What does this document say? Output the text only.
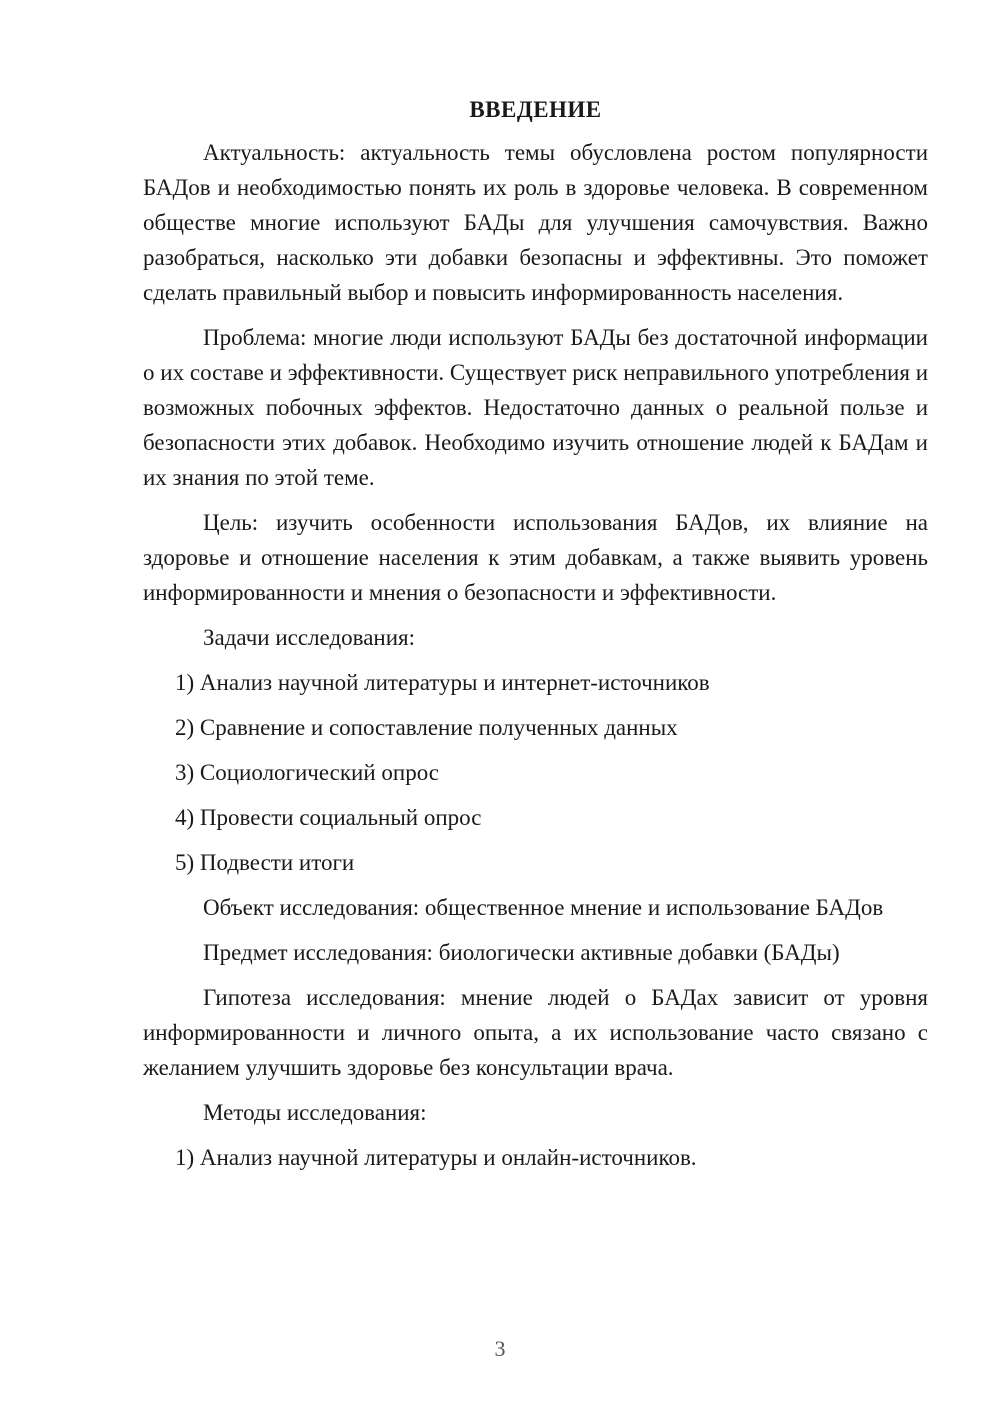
ВВЕДЕНИЕ

Актуальность: актуальность темы обусловлена ростом популярности БАДов и необходимостью понять их роль в здоровье человека. В современном обществе многие используют БАДы для улучшения самочувствия. Важно разобраться, насколько эти добавки безопасны и эффективны. Это поможет сделать правильный выбор и повысить информированность населения.

Проблема: многие люди используют БАДы без достаточной информации о их составе и эффективности. Существует риск неправильного употребления и возможных побочных эффектов. Недостаточно данных о реальной пользе и безопасности этих добавок. Необходимо изучить отношение людей к БАДам и их знания по этой теме.

Цель: изучить особенности использования БАДов, их влияние на здоровье и отношение населения к этим добавкам, а также выявить уровень информированности и мнения о безопасности и эффективности.

Задачи исследования:

1) Анализ научной литературы и интернет-источников
2) Сравнение и сопоставление полученных данных
3) Социологический опрос
4) Провести социальный опрос
5) Подвести итоги

Объект исследования: общественное мнение и использование БАДов

Предмет исследования: биологически активные добавки (БАДы)

Гипотеза исследования: мнение людей о БАДах зависит от уровня информированности и личного опыта, а их использование часто связано с желанием улучшить здоровье без консультации врача.

Методы исследования:

1) Анализ научной литературы и онлайн-источников.
3
